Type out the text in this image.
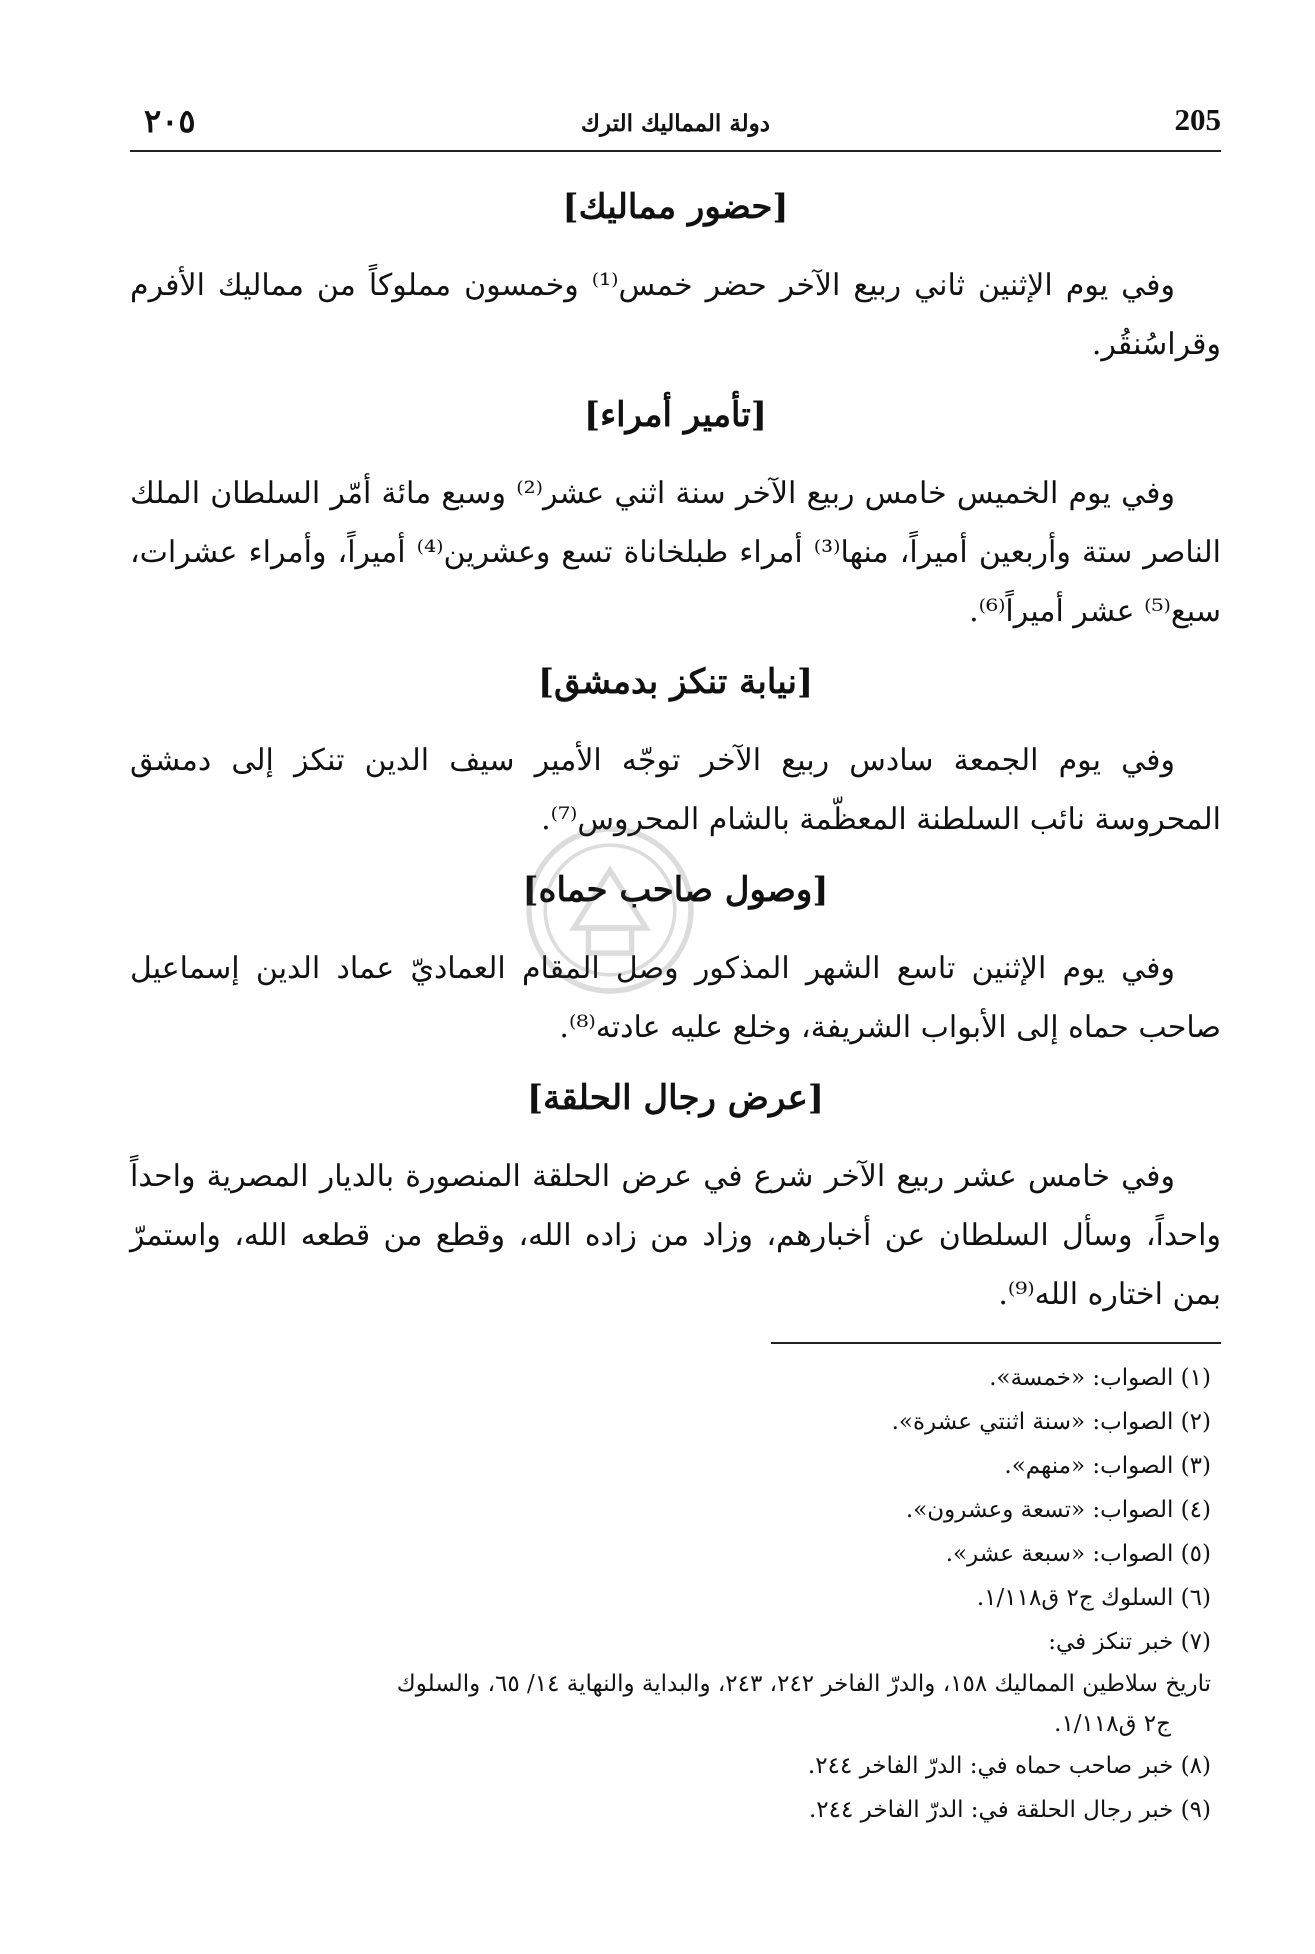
٢٠٥	دولة المماليك الترك	205
[حضور مماليك]

وفي يوم الإثنين ثاني ربيع الآخر حضر خمس⁽¹⁾ وخمسون مملوكاً من مماليك الأفرم وقراسُنقُر.

[تأمير أمراء]

وفي يوم الخميس خامس ربيع الآخر سنة اثني عشر⁽²⁾ وسبع مائة أمّر السلطان الملك الناصر ستة وأربعين أميراً، منها⁽³⁾ أمراء طبلخاناة تسع وعشرين⁽⁴⁾ أميراً، وأمراء عشرات، سبع⁽⁵⁾ عشر أميراً⁽⁶⁾.

[نيابة تنكز بدمشق]

وفي يوم الجمعة سادس ربيع الآخر توجّه الأمير سيف الدين تنكز إلى دمشق المحروسة نائب السلطنة المعظّمة بالشام المحروس⁽⁷⁾.

[وصول صاحب حماه]

وفي يوم الإثنين تاسع الشهر المذكور وصل المقام العماديّ عماد الدين إسماعيل صاحب حماه إلى الأبواب الشريفة، وخلع عليه عادته⁽⁸⁾.

[عرض رجال الحلقة]

وفي خامس عشر ربيع الآخر شرع في عرض الحلقة المنصورة بالديار المصرية واحداً واحداً، وسأل السلطان عن أخبارهم، وزاد من زاده الله، وقطع من قطعه الله، واستمرّ بمن اختاره الله⁽⁹⁾.

(١) الصواب: «خمسة».

(٢) الصواب: «سنة اثنتي عشرة».

(٣) الصواب: «منهم».

(٤) الصواب: «تسعة وعشرون».

(٥) الصواب: «سبعة عشر».

(٦) السلوك ج٢ ق١/١١٨.

(٧) خبر تنكز في:

تاريخ سلاطين المماليك ١٥٨، والدرّ الفاخر ٢٤٢، ٢٤٣، والبداية والنهاية ١٤/ ٦٥، والسلوك

ج٢ ق١/١١٨.

(٨) خبر صاحب حماه في: الدرّ الفاخر ٢٤٤.

(٩) خبر رجال الحلقة في: الدرّ الفاخر ٢٤٤.
